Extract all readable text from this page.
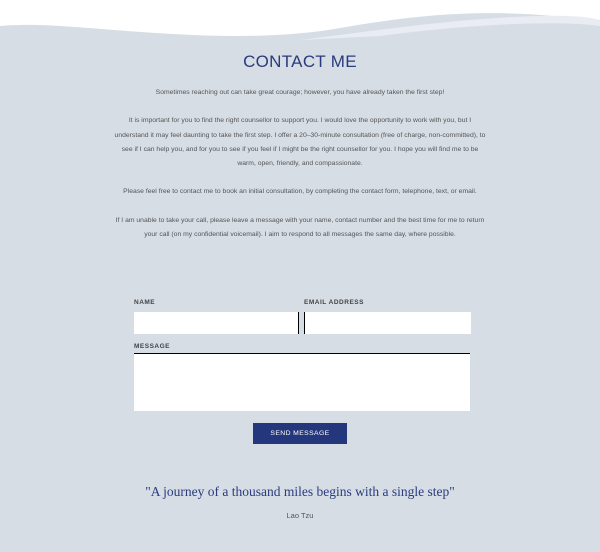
CONTACT ME

Sometimes reaching out can take great courage; however, you have already taken the first step!

It is important for you to find the right counsellor to support you. I would love the opportunity to work with you, but I understand it may feel daunting to take the first step. I offer a 20–30-minute consultation (free of charge, non-committed), to see if I can help you, and for you to see if you feel if I might be the right counsellor for you. I hope you will find me to be warm, open, friendly, and compassionate.

Please feel free to contact me to book an initial consultation, by completing the contact form, telephone, text, or email.

If I am unable to take your call, please leave a message with your name, contact number and the best time for me to return your call (on my confidential voicemail). I aim to respond to all messages the same day, where possible.

NAME	EMAIL ADDRESS
MESSAGE
SEND MESSAGE
"A journey of a thousand miles begins with a single step"
Lao Tzu
